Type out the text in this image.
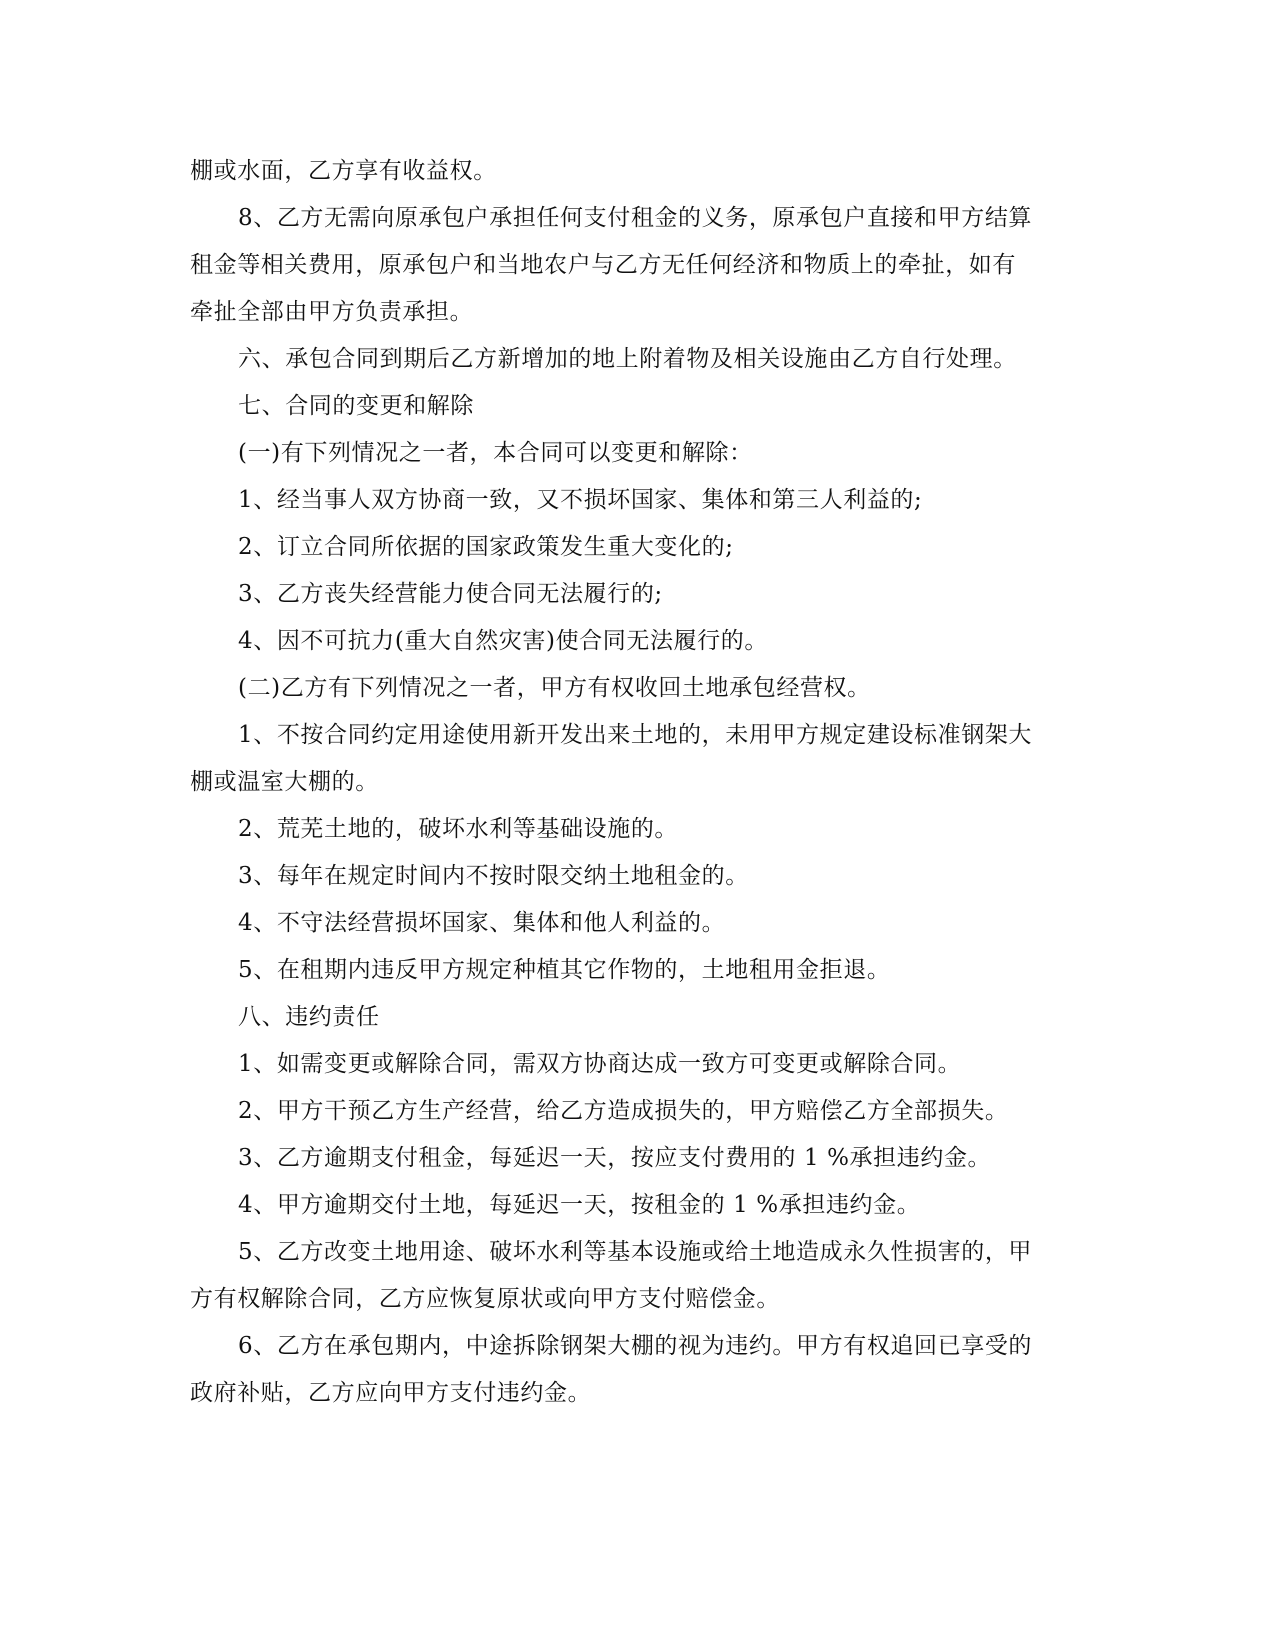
棚或水面，乙方享有收益权。

8、乙方无需向原承包户承担任何支付租金的义务，原承包户直接和甲方结算

租金等相关费用，原承包户和当地农户与乙方无任何经济和物质上的牵扯，如有

牵扯全部由甲方负责承担。

六、承包合同到期后乙方新增加的地上附着物及相关设施由乙方自行处理。

七、合同的变更和解除

(一)有下列情况之一者，本合同可以变更和解除：

1、经当事人双方协商一致，又不损坏国家、集体和第三人利益的;

2、订立合同所依据的国家政策发生重大变化的;

3、乙方丧失经营能力使合同无法履行的;

4、因不可抗力(重大自然灾害)使合同无法履行的。

(二)乙方有下列情况之一者，甲方有权收回土地承包经营权。

1、不按合同约定用途使用新开发出来土地的，未用甲方规定建设标准钢架大

棚或温室大棚的。

2、荒芜土地的，破坏水利等基础设施的。

3、每年在规定时间内不按时限交纳土地租金的。

4、不守法经营损坏国家、集体和他人利益的。

5、在租期内违反甲方规定种植其它作物的，土地租用金拒退。

八、违约责任

1、如需变更或解除合同，需双方协商达成一致方可变更或解除合同。

2、甲方干预乙方生产经营，给乙方造成损失的，甲方赔偿乙方全部损失。

3、乙方逾期支付租金，每延迟一天，按应支付费用的 1 %承担违约金。

4、甲方逾期交付土地，每延迟一天，按租金的 1 %承担违约金。

5、乙方改变土地用途、破坏水利等基本设施或给土地造成永久性损害的，甲

方有权解除合同，乙方应恢复原状或向甲方支付赔偿金。

6、乙方在承包期内，中途拆除钢架大棚的视为违约。甲方有权追回已享受的

政府补贴，乙方应向甲方支付违约金。
